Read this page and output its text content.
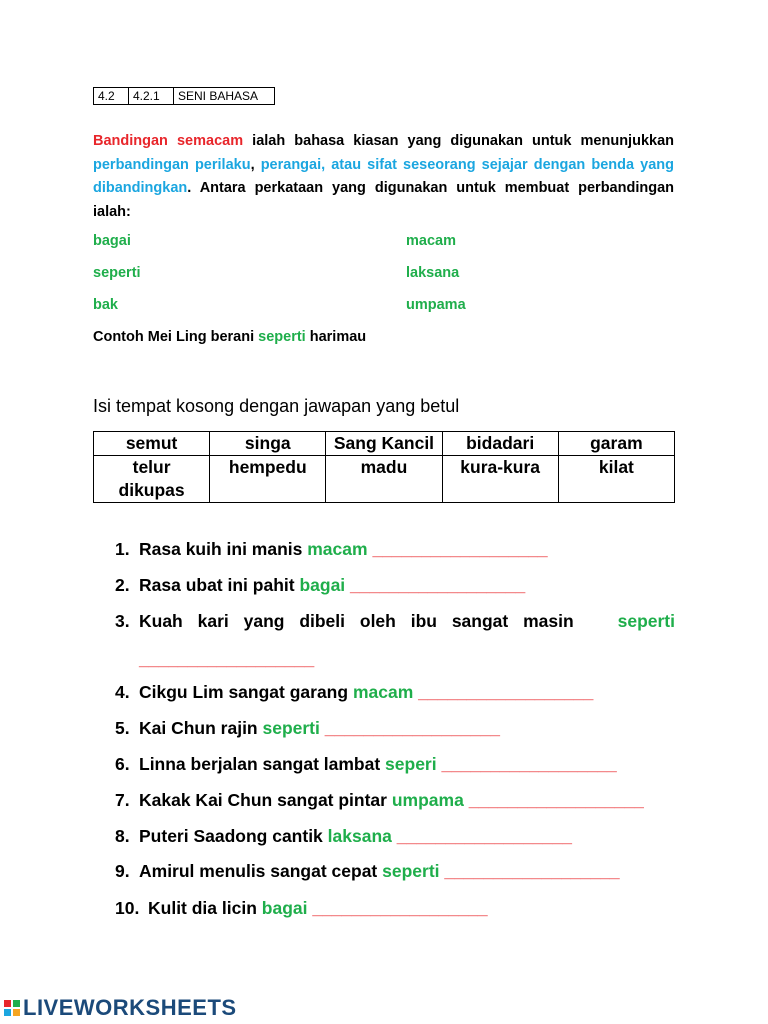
4.2	4.2.1	SENI BAHASA
Bandingan semacam ialah bahasa kiasan yang digunakan untuk menunjukkan perbandingan perilaku, perangai, atau sifat seseorang sejajar dengan benda yang dibandingkan. Antara perkataan yang digunakan untuk membuat perbandingan ialah:
bagai	macam
seperti	laksana
bak	umpama
Contoh Mei Ling berani seperti harimau
Isi tempat kosong dengan jawapan yang betul
semut	singa	Sang Kancil	bidadari	garam
telur dikupas	hempedu	madu	kura-kura	kilat
1. Rasa kuih ini manis macam __________________
2. Rasa ubat ini pahit bagai __________________
3. Kuah kari yang dibeli oleh ibu sangat masin	seperti
__________________
4. Cikgu Lim sangat garang macam __________________
5. Kai Chun rajin seperti __________________
6. Linna berjalan sangat lambat seperi __________________
7. Kakak Kai Chun sangat pintar umpama __________________
8. Puteri Saadong cantik laksana __________________
9. Amirul menulis sangat cepat seperti __________________
10. Kulit dia licin bagai __________________
LIVEWORKSHEETS
